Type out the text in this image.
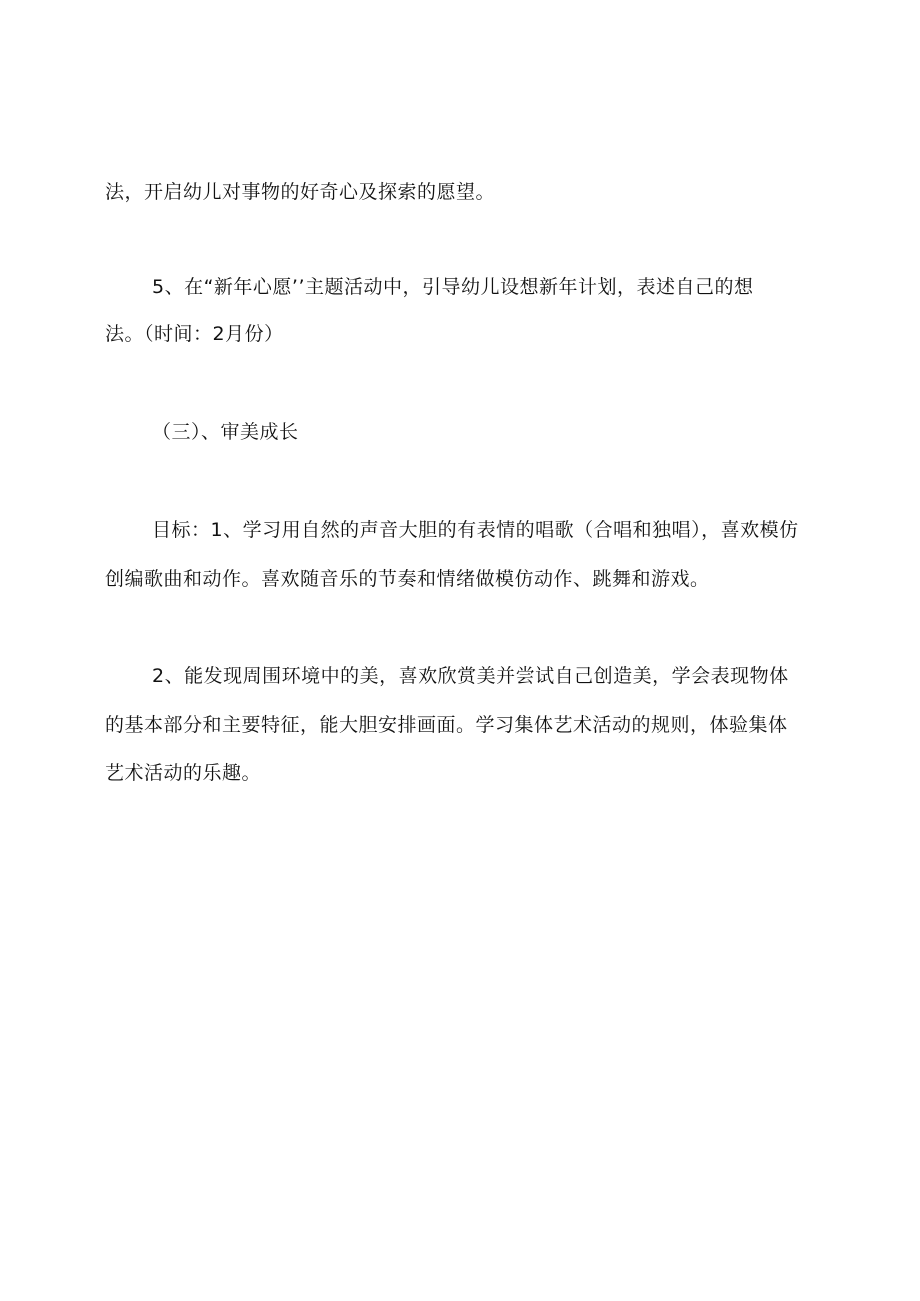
法，开启幼儿对事物的好奇心及探索的愿望。
5、在“新年心愿’’主题活动中，引导幼儿设想新年计划，表述自己的想
法。（时间：2月份）
（三）、审美成长
目标：1、学习用自然的声音大胆的有表情的唱歌（合唱和独唱），喜欢模仿
创编歌曲和动作。喜欢随音乐的节奏和情绪做模仿动作、跳舞和游戏。
2、能发现周围环境中的美，喜欢欣赏美并尝试自己创造美，学会表现物体
的基本部分和主要特征，能大胆安排画面。学习集体艺术活动的规则，体验集体
艺术活动的乐趣。
